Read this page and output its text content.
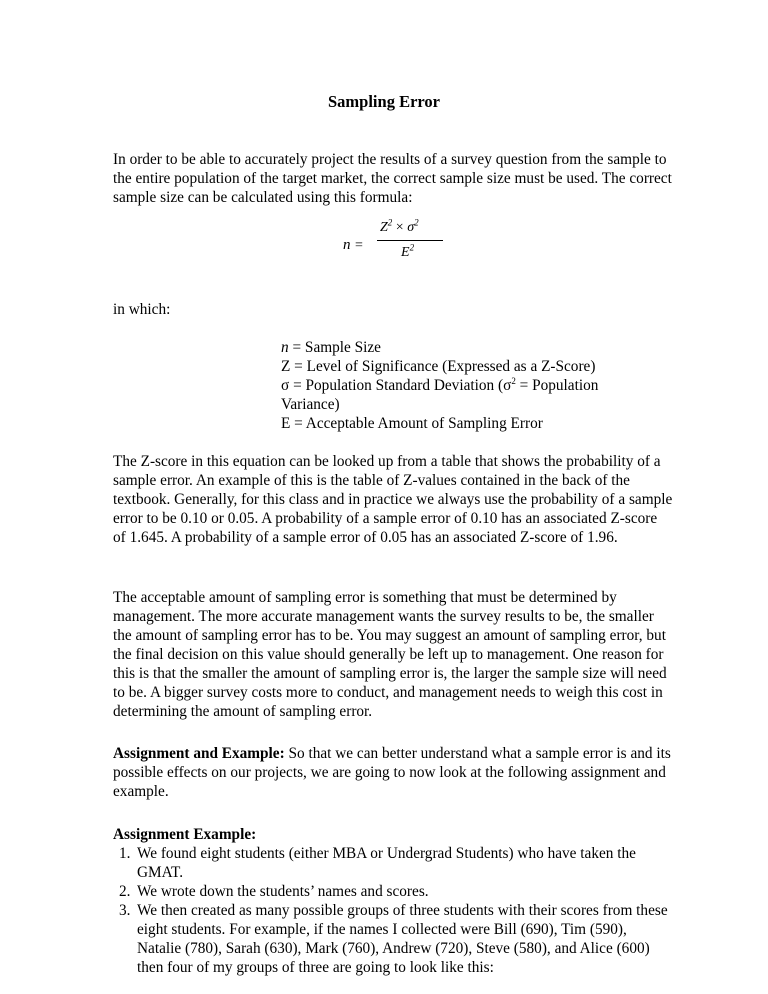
Sampling Error

In order to be able to accurately project the results of a survey question from the sample to the entire population of the target market, the correct sample size must be used. The correct sample size can be calculated using this formula:

n =
$Z^2 \times \sigma^2$
$E^2$

in which:

n = Sample Size

Z = Level of Significance (Expressed as a Z-Score)

σ = Population Standard Deviation ($\sigma^2$ = Population Variance)

E = Acceptable Amount of Sampling Error

The Z-score in this equation can be looked up from a table that shows the probability of a sample error. An example of this is the table of Z-values contained in the back of the textbook. Generally, for this class and in practice we always use the probability of a sample error to be 0.10 or 0.05. A probability of a sample error of 0.10 has an associated Z-score of 1.645. A probability of a sample error of 0.05 has an associated Z-score of 1.96.

The acceptable amount of sampling error is something that must be determined by management. The more accurate management wants the survey results to be, the smaller the amount of sampling error has to be. You may suggest an amount of sampling error, but the final decision on this value should generally be left up to management. One reason for this is that the smaller the amount of sampling error is, the larger the sample size will need to be. A bigger survey costs more to conduct, and management needs to weigh this cost in determining the amount of sampling error.

Assignment and Example: So that we can better understand what a sample error is and its possible effects on our projects, we are going to now look at the following assignment and example.

Assignment Example:

1. We found eight students (either MBA or Undergrad Students) who have taken the GMAT.
2. We wrote down the students’ names and scores.
3. We then created as many possible groups of three students with their scores from these eight students. For example, if the names I collected were Bill (690), Tim (590), Natalie (780), Sarah (630), Mark (760), Andrew (720), Steve (580), and Alice (600) then four of my groups of three are going to look like this:
